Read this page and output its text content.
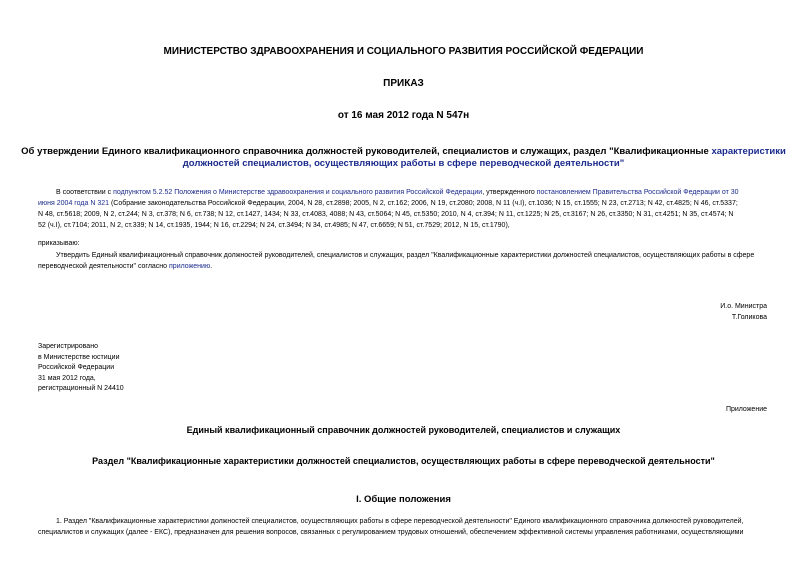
МИНИСТЕРСТВО ЗДРАВООХРАНЕНИЯ И СОЦИАЛЬНОГО РАЗВИТИЯ РОССИЙСКОЙ ФЕДЕРАЦИИ
ПРИКАЗ
от 16 мая 2012 года N 547н
Об утверждении Единого квалификационного справочника должностей руководителей, специалистов и служащих, раздел "Квалификационные характеристики
должностей специалистов, осуществляющих работы в сфере переводческой деятельности"
В соответствии с подпунктом 5.2.52 Положения о Министерстве здравоохранения и социального развития Российской Федерации, утвержденного постановлением Правительства Российской Федерации от 30
июня 2004 года N 321 (Собрание законодательства Российской Федерации, 2004, N 28, ст.2898; 2005, N 2, ст.162; 2006, N 19, ст.2080; 2008, N 11 (ч.I), ст.1036; N 15, ст.1555; N 23, ст.2713; N 42, ст.4825; N 46, ст.5337;
N 48, ст.5618; 2009, N 2, ст.244; N 3, ст.378; N 6, ст.738; N 12, ст.1427, 1434; N 33, ст.4083, 4088; N 43, ст.5064; N 45, ст.5350; 2010, N 4, ст.394; N 11, ст.1225; N 25, ст.3167; N 26, ст.3350; N 31, ст.4251; N 35, ст.4574; N
52 (ч.I), ст.7104; 2011, N 2, ст.339; N 14, ст.1935, 1944; N 16, ст.2294; N 24, ст.3494; N 34, ст.4985; N 47, ст.6659; N 51, ст.7529; 2012, N 15, ст.1790),
приказываю:
Утвердить Единый квалификационный справочник должностей руководителей, специалистов и служащих, раздел "Квалификационные характеристики должностей специалистов, осуществляющих работы в сфере
переводческой деятельности" согласно приложению.
И.о. Министра
Т.Голикова
Зарегистрировано
в Министерстве юстиции
Российской Федерации
31 мая 2012 года,
регистрационный N 24410
Приложение
Единый квалификационный справочник должностей руководителей, специалистов и служащих
Раздел "Квалификационные характеристики должностей специалистов, осуществляющих работы в сфере переводческой деятельности"
I. Общие положения
1. Раздел "Квалификационные характеристики должностей специалистов, осуществляющих работы в сфере переводческой деятельности" Единого квалификационного справочника должностей руководителей,
специалистов и служащих (далее - ЕКС), предназначен для решения вопросов, связанных с регулированием трудовых отношений, обеспечением эффективной системы управления работниками, осуществляющими
